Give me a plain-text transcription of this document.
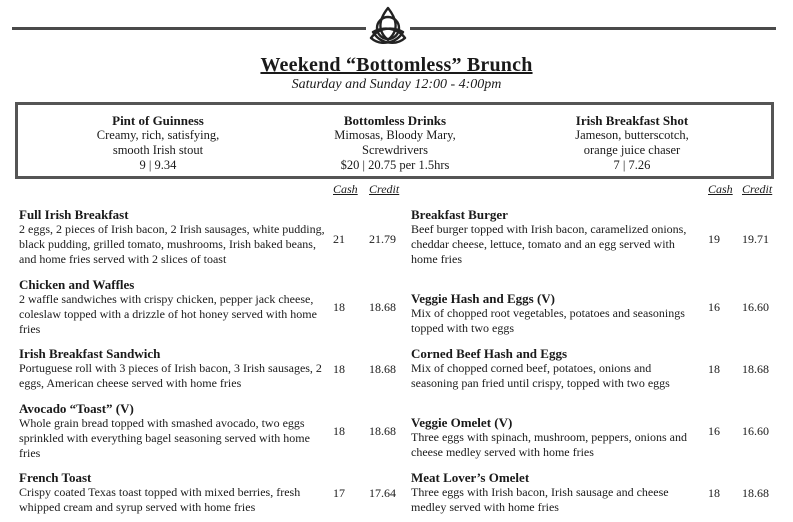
Weekend “Bottomless” Brunch
Saturday and Sunday 12:00 - 4:00pm
Pint of Guinness
Creamy, rich, satisfying,
smooth Irish stout
9 | 9.34
Bottomless Drinks
Mimosas, Bloody Mary,
Screwdrivers
$20 | 20.75 per 1.5hrs
Irish Breakfast Shot
Jameson, butterscotch,
orange juice chaser
7 | 7.26
Cash Credit	Cash Credit
Full Irish Breakfast
2 eggs, 2 pieces of Irish bacon, 2 Irish sausages, white pudding, black pudding, grilled tomato, mushrooms, Irish baked beans, and home fries served with 2 slices of toast
21 21.79
Chicken and Waffles
2 waffle sandwiches with crispy chicken, pepper jack cheese, coleslaw topped with a drizzle of hot honey served with home fries
18 18.68
Irish Breakfast Sandwich
Portuguese roll with 3 pieces of Irish bacon, 3 Irish sausages, 2 eggs, American cheese served with home fries
18 18.68
Avocado “Toast” (V)
Whole grain bread topped with smashed avocado, two eggs sprinkled with everything bagel seasoning served with home fries
18 18.68
French Toast
Crispy coated Texas toast topped with mixed berries, fresh whipped cream and syrup served with home fries
17 17.64
Breakfast Burger
Beef burger topped with Irish bacon, caramelized onions, cheddar cheese, lettuce, tomato and an egg served with home fries
19 19.71
Veggie Hash and Eggs (V)
Mix of chopped root vegetables, potatoes and seasonings topped with two eggs
16 16.60
Corned Beef Hash and Eggs
Mix of chopped corned beef, potatoes, onions and seasoning pan fried until crispy, topped with two eggs
18 18.68
Veggie Omelet (V)
Three eggs with spinach, mushroom, peppers, onions and cheese medley served with home fries
16 16.60
Meat Lover’s Omelet
Three eggs with Irish bacon, Irish sausage and cheese medley served with home fries
18 18.68
